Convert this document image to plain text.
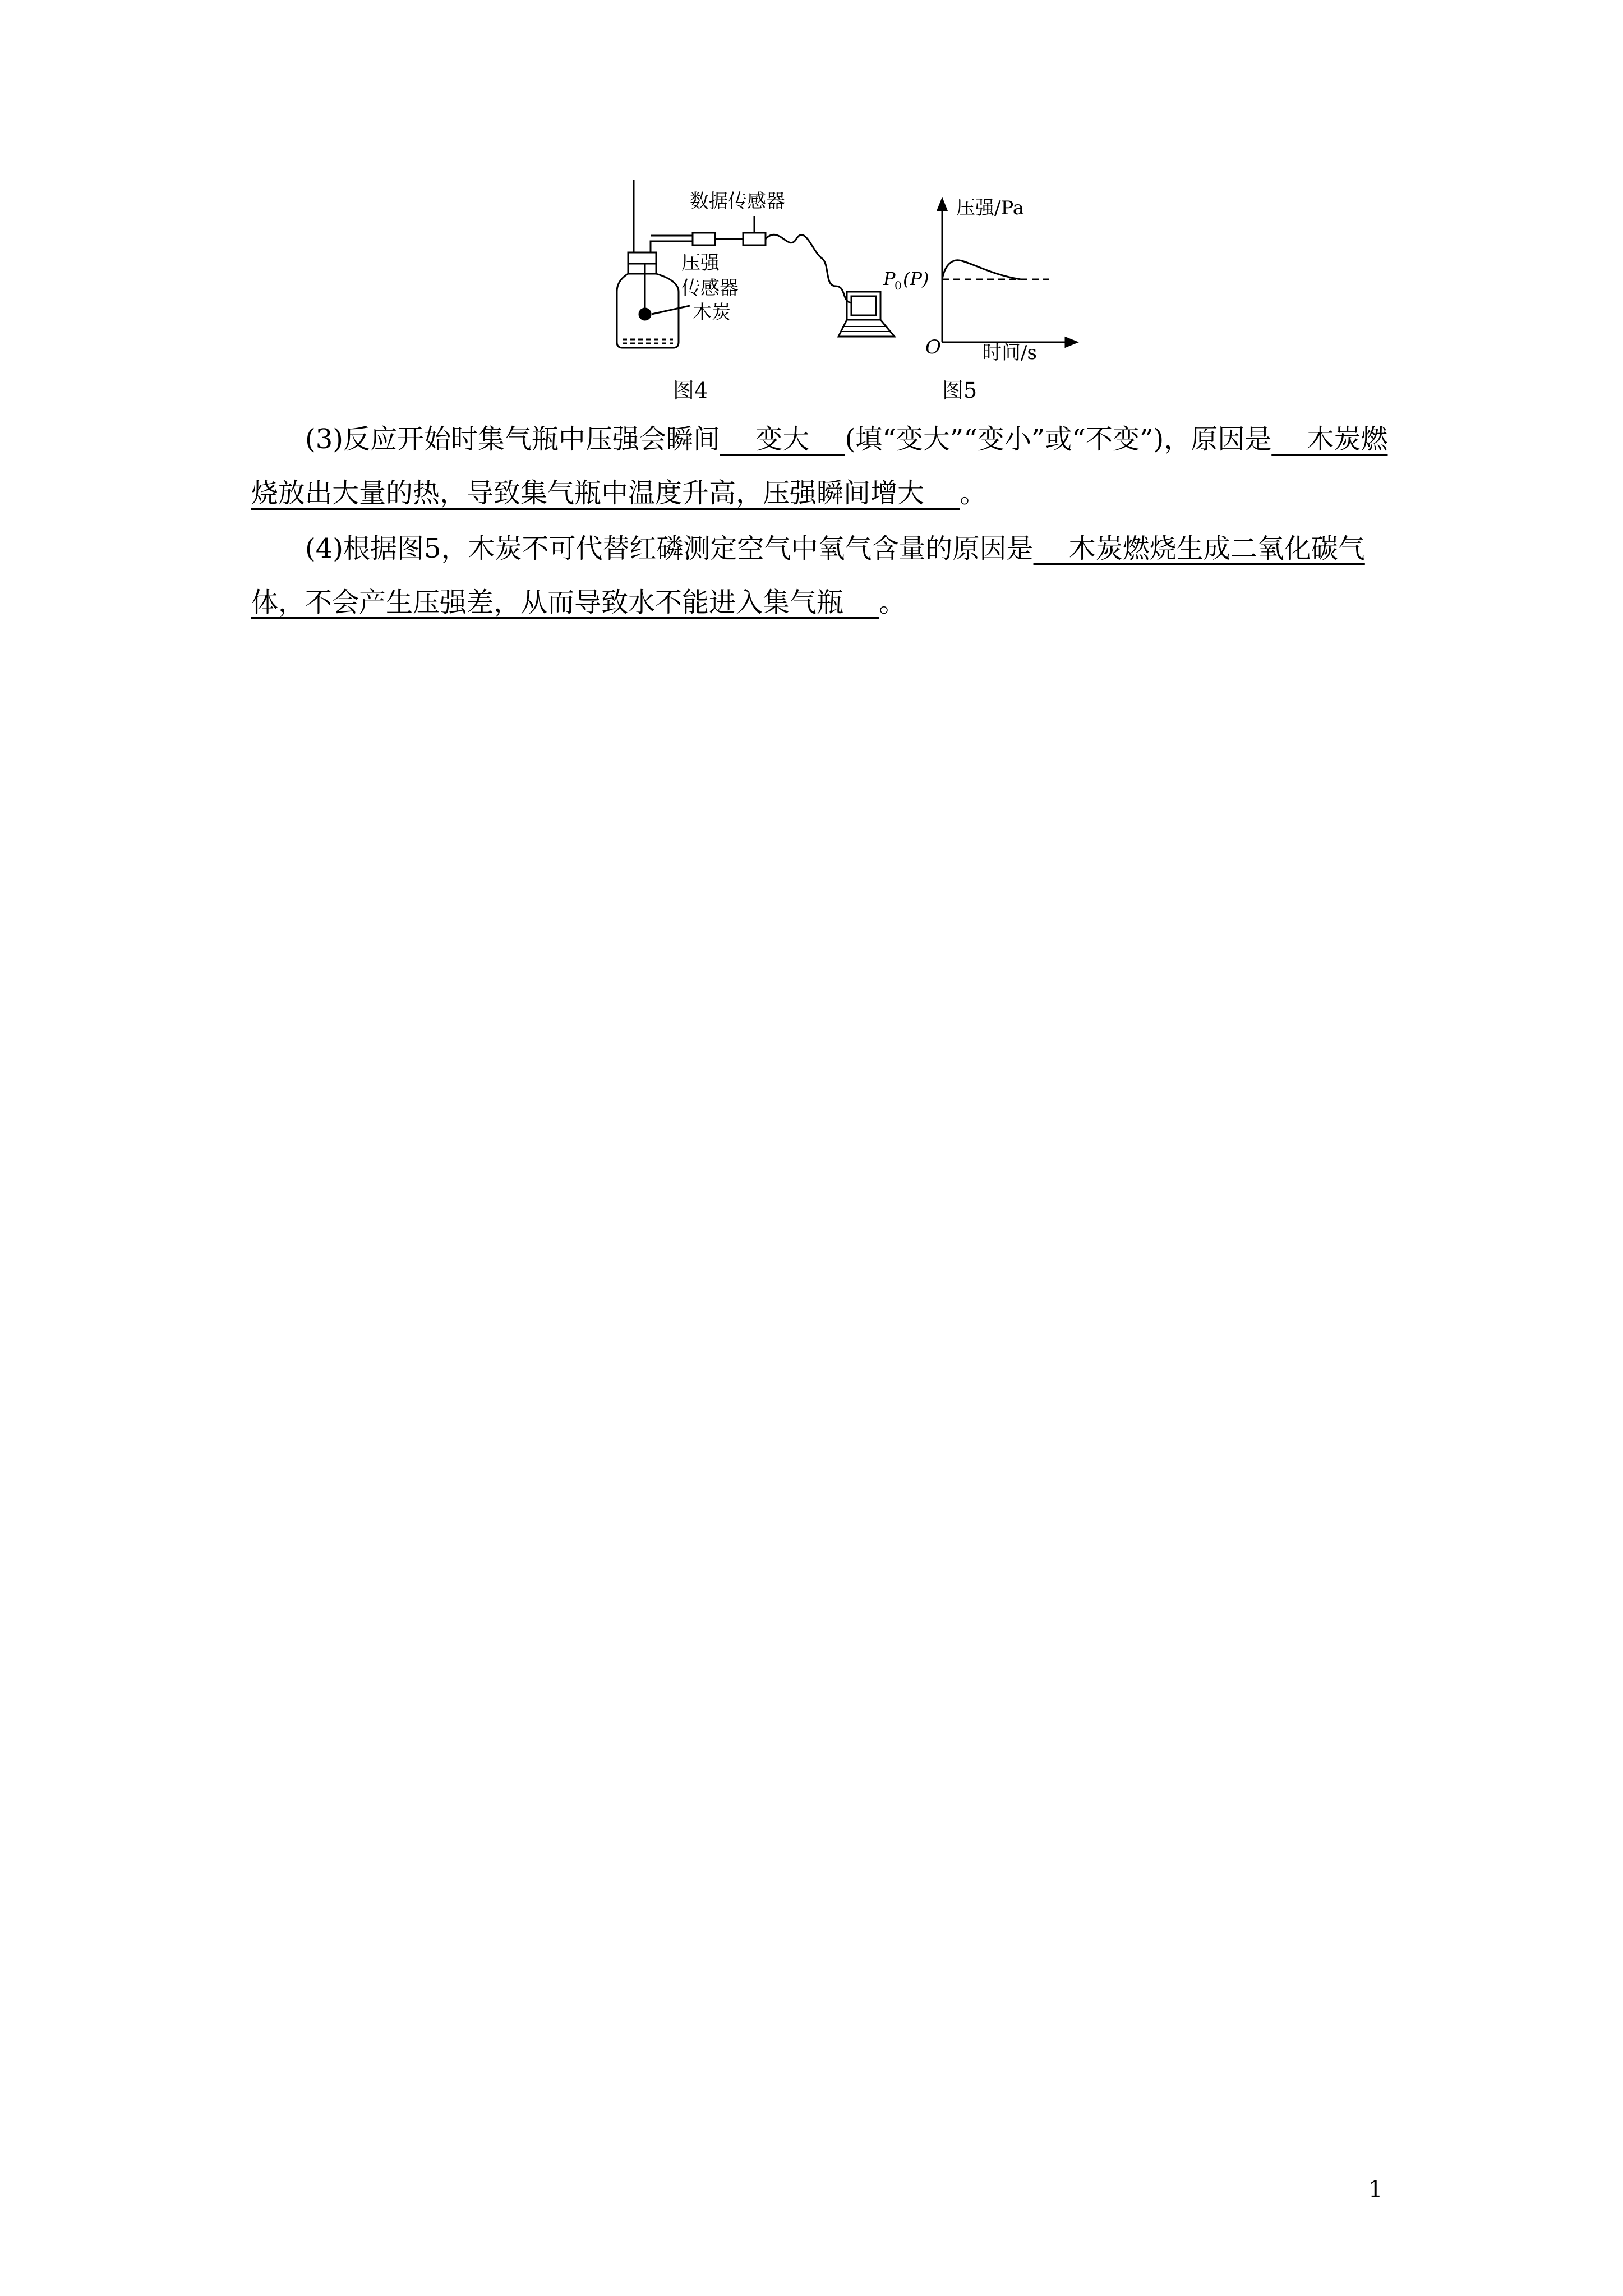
数据传感器
压强
传感器
木炭
压强/Pa
时间/s
O
P
0 (P)
图4	图5

(3)反应开始时集气瓶中压强会瞬间　 变大　 (填“变大”“变小”或“不变”)，原因是　 木炭燃烧放出大量的热，导致集气瓶中温度升高，压强瞬间增大　 。

(4)根据图5，木炭不可代替红磷测定空气中氧气含量的原因是　 木炭燃烧生成二氧化碳气体，不会产生压强差，从而导致水不能进入集气瓶　 。

1
